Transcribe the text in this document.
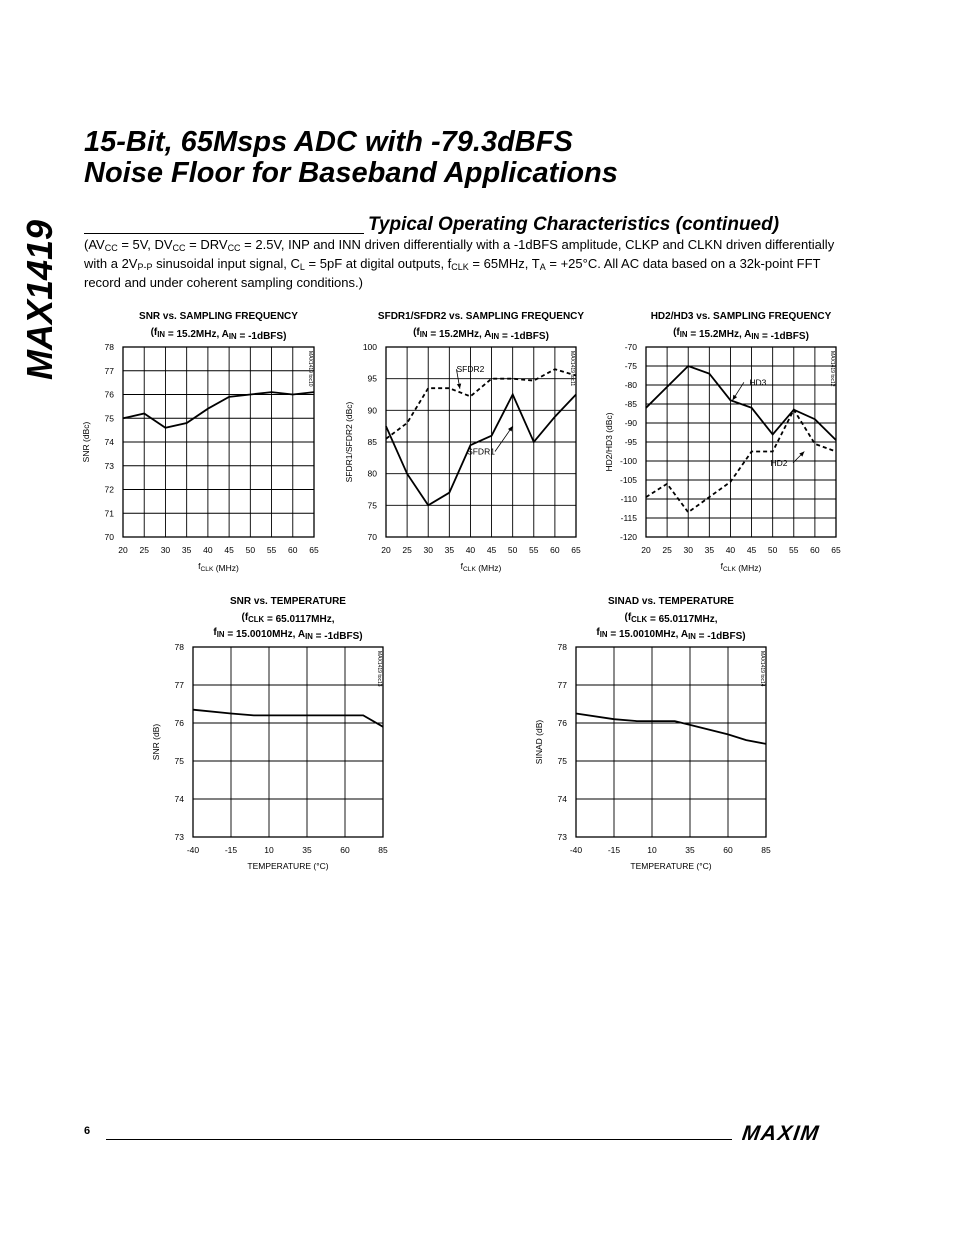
MAX1419
15-Bit, 65Msps ADC with -79.3dBFS
Noise Floor for Baseband Applications
Typical Operating Characteristics (continued)

($AV_{CC} = 5V$, $DV_{CC} = DRV_{CC} = 2.5V$, INP and INN driven differentially with a -1dBFS amplitude, CLKP and CLKN driven differentially with a $2V_{P-P}$ sinusoidal input signal, $C_L = 5pF$ at digital outputs, $f_{CLK} = 65MHz$, $T_A = +25^\circ C$. All AC data based on a 32k-point FFT record and under coherent sampling conditions.)

SNR vs. SAMPLING FREQUENCY
($f_{IN} = 15.2MHz$, $A_{IN}$ = -1dBFS)
20 25 30 35 40 45 50 55 60 65
70
71
72
73
74
75
76
77
78
$f_{CLK}$ (MHz)
SNR (dBc)
MAX1419 toc10
SFDR1/SFDR2 vs. SAMPLING FREQUENCY
($f_{IN} = 15.2MHz$, $A_{IN}$ = -1dBFS)
20 25 30 35 40 45 50 55 60 65
70
75
80
85
90
95
100
$f_{CLK}$ (MHz)
SFDR1/SFDR2 (dBc)
MAX1419 toc11
SFDR2
SFDR1
HD2/HD3 vs. SAMPLING FREQUENCY
($f_{IN} = 15.2MHz$, $A_{IN}$ = -1dBFS)
20 25 30 35 40 45 50 55 60 65
-120
-115
-110
-105
-100
-95
-90
-85
-80
-75
-70
$f_{CLK}$ (MHz)
HD2/HD3 (dBc)
MAX1419 toc12
HD3
HD2
SNR vs. TEMPERATURE
($f_{CLK} = 65.0117MHz$,
$f_{IN} = 15.0010MHz$, $A_{IN}$ = -1dBFS)
-40	-15	10	35	60	85
73
74
75
76
77
78
TEMPERATURE (°C)
SNR (dB)
MAX1419 toc13
SINAD vs. TEMPERATURE
($f_{CLK} = 65.0117MHz$,
$f_{IN} = 15.0010MHz$, $A_{IN}$ = -1dBFS)
-40	-15	10	35	60	85
73
74
75
76
77
78
TEMPERATURE (°C)
SINAD (dB)
MAX1419 toc14
6	MAXIM
